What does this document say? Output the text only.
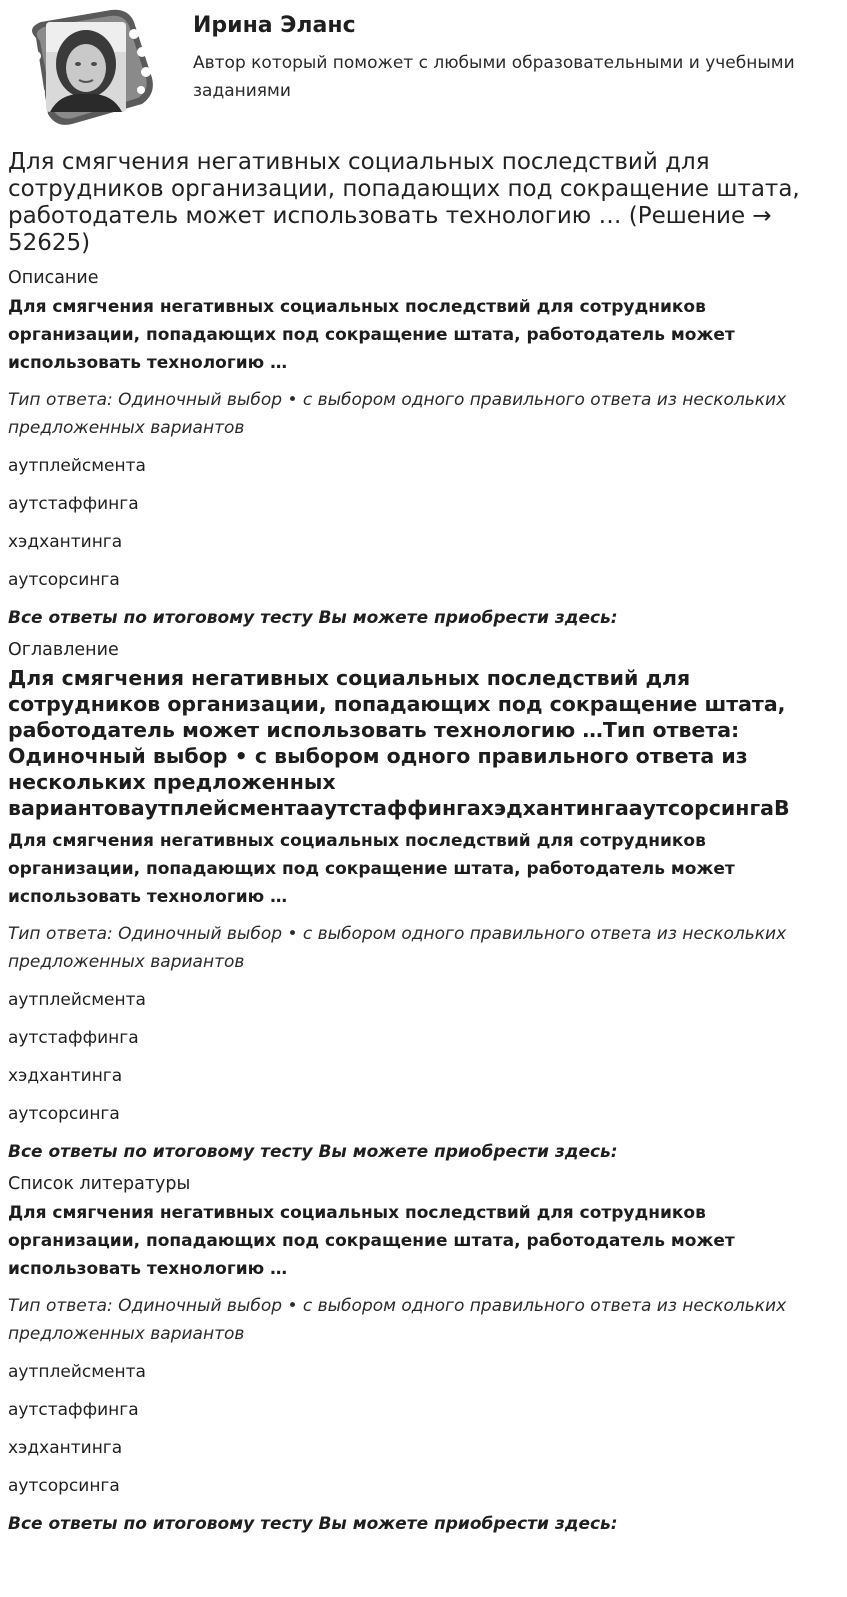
Ирина Эланс

Автор который поможет с любыми образовательными и учебными заданиями

Для смягчения негативных социальных последствий для сотрудников организации, попадающих под сокращение штата, работодатель может использовать технологию … (Решение → 52625)
Описание

Для смягчения негативных социальных последствий для сотрудников организации, попадающих под сокращение штата, работодатель может использовать технологию …

Тип ответа: Одиночный выбор • с выбором одного правильного ответа из нескольких предложенных вариантов

аутплейсмента

аутстаффинга

хэдхантинга

аутсорсинга

Все ответы по итоговому тесту Вы можете приобрести здесь:

Оглавление

Для смягчения негативных социальных последствий для сотрудников организации, попадающих под сокращение штата, работодатель может использовать технологию …Тип ответа: Одиночный выбор • с выбором одного правильного ответа из нескольких предложенных вариантоваутплейсментааутстаффингахэдхантингааутсорсингаВ

Для смягчения негативных социальных последствий для сотрудников организации, попадающих под сокращение штата, работодатель может использовать технологию …

Тип ответа: Одиночный выбор • с выбором одного правильного ответа из нескольких предложенных вариантов

аутплейсмента

аутстаффинга

хэдхантинга

аутсорсинга

Все ответы по итоговому тесту Вы можете приобрести здесь:

Список литературы

Для смягчения негативных социальных последствий для сотрудников организации, попадающих под сокращение штата, работодатель может использовать технологию …

Тип ответа: Одиночный выбор • с выбором одного правильного ответа из нескольких предложенных вариантов

аутплейсмента

аутстаффинга

хэдхантинга

аутсорсинга

Все ответы по итоговому тесту Вы можете приобрести здесь:
